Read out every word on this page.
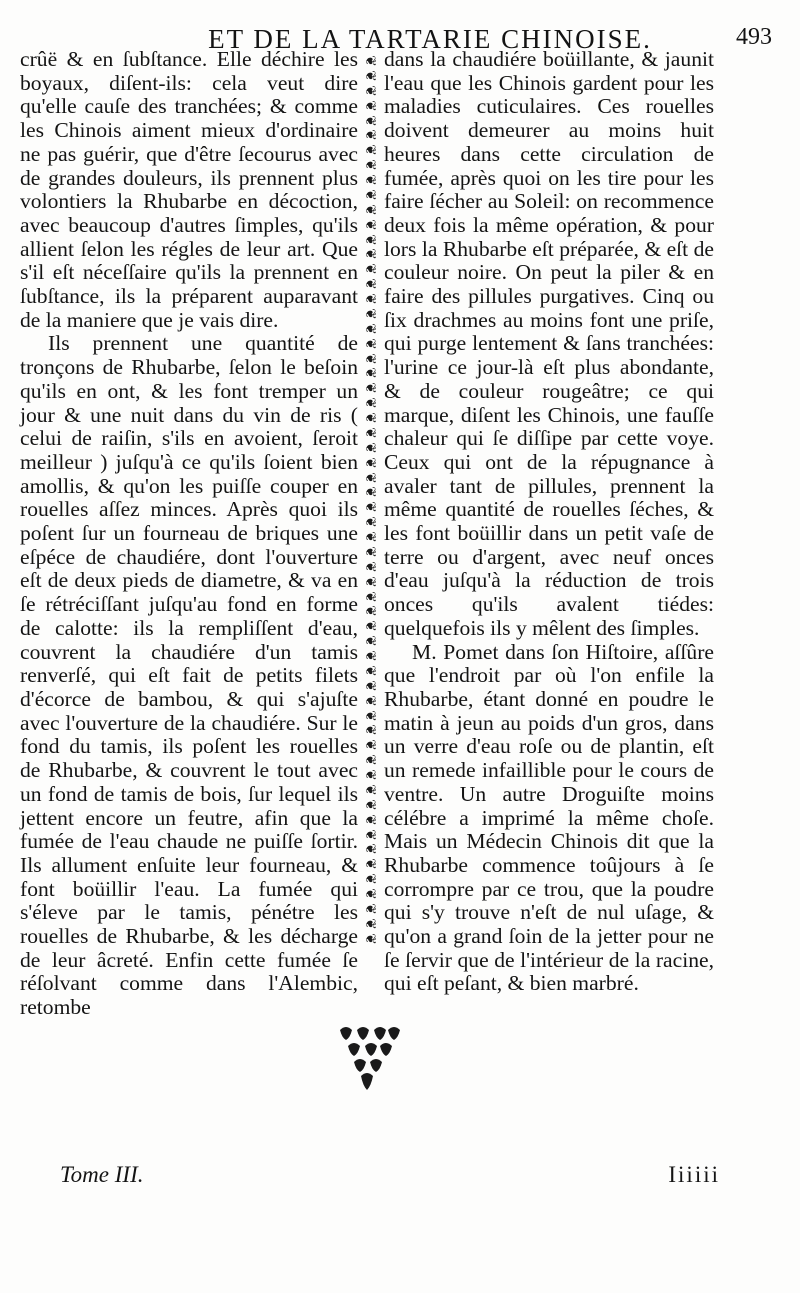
ET DE LA TARTARIE CHINOISE.	493

crûë & en ſubſtance. Elle déchire les boyaux, diſent-ils: cela veut dire qu'elle cauſe des tranchées; & comme les Chinois aiment mieux d'ordinaire ne pas guérir, que d'être ſecourus avec de grandes douleurs, ils prennent plus volontiers la Rhubarbe en décoction, avec beaucoup d'autres ſimples, qu'ils allient ſelon les régles de leur art. Que s'il eſt néceſſaire qu'ils la prennent en ſubſtance, ils la préparent auparavant de la maniere que je vais dire.

Ils prennent une quantité de tronçons de Rhubarbe, ſelon le beſoin qu'ils en ont, & les font tremper un jour & une nuit dans du vin de ris ( celui de raiſin, s'ils en avoient, ſeroit meilleur ) juſqu'à ce qu'ils ſoient bien amollis, & qu'on les puiſſe couper en rouelles aſſez minces. Après quoi ils poſent ſur un fourneau de briques une eſpéce de chaudiére, dont l'ouverture eſt de deux pieds de diametre, & va en ſe rétréciſſant juſqu'au fond en forme de calotte: ils la rempliſſent d'eau, couvrent la chaudiére d'un tamis renverſé, qui eſt fait de petits filets d'écorce de bambou, & qui s'ajuſte avec l'ouverture de la chaudiére. Sur le fond du tamis, ils poſent les rouelles de Rhubarbe, & couvrent le tout avec un fond de tamis de bois, ſur lequel ils jettent encore un feutre, afin que la fumée de l'eau chaude ne puiſſe ſortir. Ils allument enſuite leur fourneau, & font boüillir l'eau. La fumée qui s'éleve par le tamis, pénétre les rouelles de Rhubarbe, & les décharge de leur âcreté. Enfin cette fumée ſe réſolvant comme dans l'Alembic, retombe

❦
❦
❦
❦
❦
❦
❦
❦
❦
❦
❦
❦
❦
❦
❦
❦
❦
❦
❦
❦
❦
❦
❦
❦
❦
❦
❦
❦
❦
❦
❦
❦
❦
❦
❦
❦
❦
❦
❦
❦
❦
❦
❦
❦
❦
❦
❦
❦
❦
❦
❦
❦
❦
❦
❦
❦
❦
❦
❦
❦

dans la chaudiére boüillante, & jaunit l'eau que les Chinois gardent pour les maladies cuticulaires. Ces rouelles doivent demeurer au moins huit heures dans cette circulation de fumée, après quoi on les tire pour les faire ſécher au Soleil: on recommence deux fois la même opération, & pour lors la Rhubarbe eſt préparée, & eſt de couleur noire. On peut la piler & en faire des pillules purgatives. Cinq ou ſix drachmes au moins font une priſe, qui purge lentement & ſans tranchées: l'urine ce jour-là eſt plus abondante, & de couleur rougeâtre; ce qui marque, diſent les Chinois, une fauſſe chaleur qui ſe diſſipe par cette voye. Ceux qui ont de la répugnance à avaler tant de pillules, prennent la même quantité de rouelles ſéches, & les font boüillir dans un petit vaſe de terre ou d'argent, avec neuf onces d'eau juſqu'à la réduction de trois onces qu'ils avalent tiédes: quelquefois ils y mêlent des ſimples.

M. Pomet dans ſon Hiſtoire, aſſûre que l'endroit par où l'on enfile la Rhubarbe, étant donné en poudre le matin à jeun au poids d'un gros, dans un verre d'eau roſe ou de plantin, eſt un remede infaillible pour le cours de ventre. Un autre Droguiſte moins célébre a imprimé la même choſe. Mais un Médecin Chinois dit que la Rhubarbe commence toûjours à ſe corrompre par ce trou, que la poudre qui s'y trouve n'eſt de nul uſage, & qu'on a grand ſoin de la jetter pour ne ſe ſervir que de l'intérieur de la racine, qui eſt peſant, & bien marbré.

Tome III.	Iiiiii
